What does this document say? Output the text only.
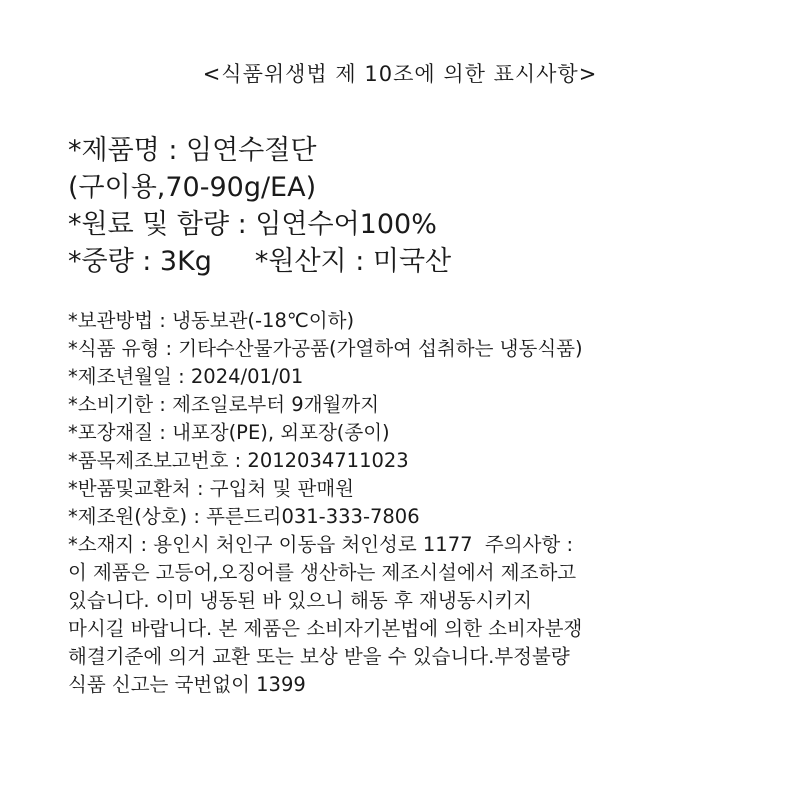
<식품위생법 제 10조에 의한 표시사항>
*제품명 : 임연수절단
(구이용,70-90g/EA)
*원료 및 함량 : 임연수어100%
*중량 : 3Kg     *원산지 : 미국산
*보관방법 : 냉동보관(-18℃이하)
*식품 유형 : 기타수산물가공품(가열하여 섭취하는 냉동식품)
*제조년월일 : 2024/01/01
*소비기한 : 제조일로부터 9개월까지
*포장재질 : 내포장(PE), 외포장(종이)
*품목제조보고번호 : 2012034711023
*반품및교환처 : 구입처 및 판매원
*제조원(상호) : 푸른드리031-333-7806
*소재지 : 용인시 처인구 이동읍 처인성로 1177  주의사항 :
이 제품은 고등어,오징어를 생산하는 제조시설에서 제조하고
있습니다. 이미 냉동된 바 있으니 해동 후 재냉동시키지
마시길 바랍니다. 본 제품은 소비자기본법에 의한 소비자분쟁
해결기준에 의거 교환 또는 보상 받을 수 있습니다.부정불량
식품 신고는 국번없이 1399
